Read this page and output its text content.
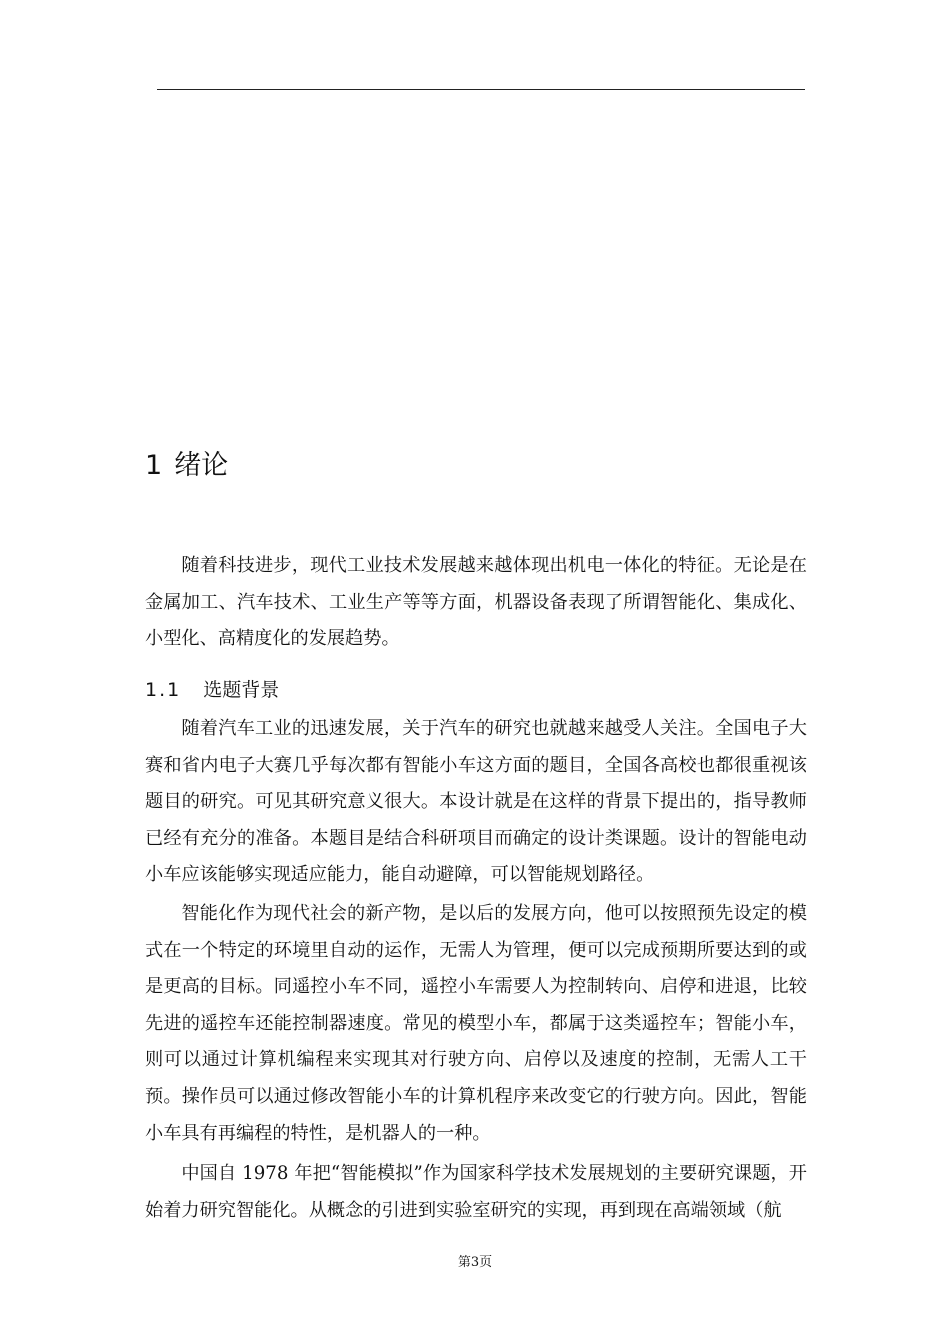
1 绪论

随着科技进步，现代工业技术发展越来越体现出机电一体化的特征。无论是在金属加工、汽车技术、工业生产等等方面，机器设备表现了所谓智能化、集成化、小型化、高精度化的发展趋势。

1.1 选题背景

随着汽车工业的迅速发展，关于汽车的研究也就越来越受人关注。全国电子大赛和省内电子大赛几乎每次都有智能小车这方面的题目，全国各高校也都很重视该题目的研究。可见其研究意义很大。本设计就是在这样的背景下提出的，指导教师已经有充分的准备。本题目是结合科研项目而确定的设计类课题。设计的智能电动小车应该能够实现适应能力，能自动避障，可以智能规划路径。

智能化作为现代社会的新产物，是以后的发展方向，他可以按照预先设定的模式在一个特定的环境里自动的运作，无需人为管理，便可以完成预期所要达到的或是更高的目标。同遥控小车不同，遥控小车需要人为控制转向、启停和进退，比较先进的遥控车还能控制器速度。常见的模型小车，都属于这类遥控车；智能小车，则可以通过计算机编程来实现其对行驶方向、启停以及速度的控制，无需人工干预。操作员可以通过修改智能小车的计算机程序来改变它的行驶方向。因此，智能小车具有再编程的特性，是机器人的一种。

中国自 1978 年把“智能模拟”作为国家科学技术发展规划的主要研究课题，开始着力研究智能化。从概念的引进到实验室研究的实现，再到现在高端领域（航

第3页
